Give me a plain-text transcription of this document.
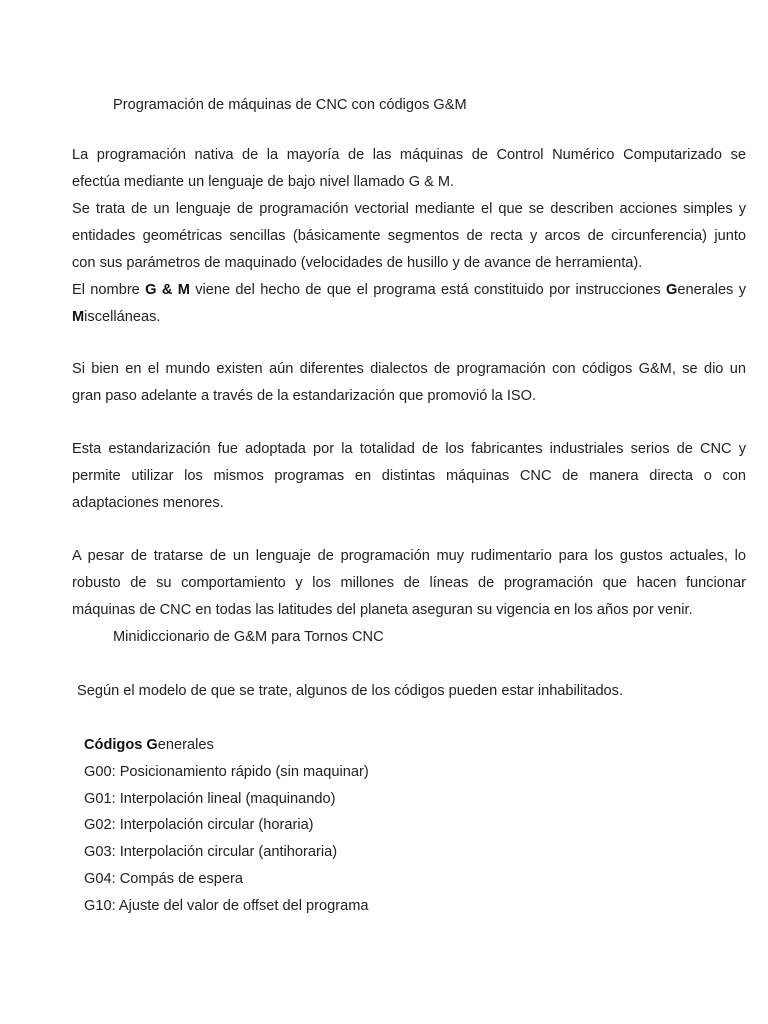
Programación de máquinas de CNC con códigos G&M
La programación nativa de la mayoría de las máquinas de Control Numérico Computarizado se
efectúa mediante un lenguaje de bajo nivel llamado G & M.
Se trata de un lenguaje de programación vectorial mediante el que se describen acciones simples y
entidades geométricas sencillas (básicamente segmentos de recta y arcos de circunferencia) junto
con sus parámetros de maquinado (velocidades de husillo y de avance de herramienta).
El nombre G & M viene del hecho de que el programa está constituido por instrucciones Generales y
Miscelláneas.
Si bien en el mundo existen aún diferentes dialectos de programación con códigos G&M, se dio un
gran paso adelante a través de la estandarización que promovió la ISO.
Esta estandarización fue adoptada por la totalidad de los fabricantes industriales serios de CNC y
permite utilizar los mismos programas en distintas máquinas CNC de manera directa o con
adaptaciones menores.
A pesar de tratarse de un lenguaje de programación muy rudimentario para los gustos actuales, lo
robusto de su comportamiento y los millones de líneas de programación que hacen funcionar
máquinas de CNC en todas las latitudes del planeta aseguran su vigencia en los años por venir.
Minidiccionario de G&M para Tornos CNC
Según el modelo de que se trate, algunos de los códigos pueden estar inhabilitados.
Códigos Generales
G00: Posicionamiento rápido (sin maquinar)
G01: Interpolación lineal (maquinando)
G02: Interpolación circular (horaria)
G03: Interpolación circular (antihoraria)
G04: Compás de espera
G10: Ajuste del valor de offset del programa
